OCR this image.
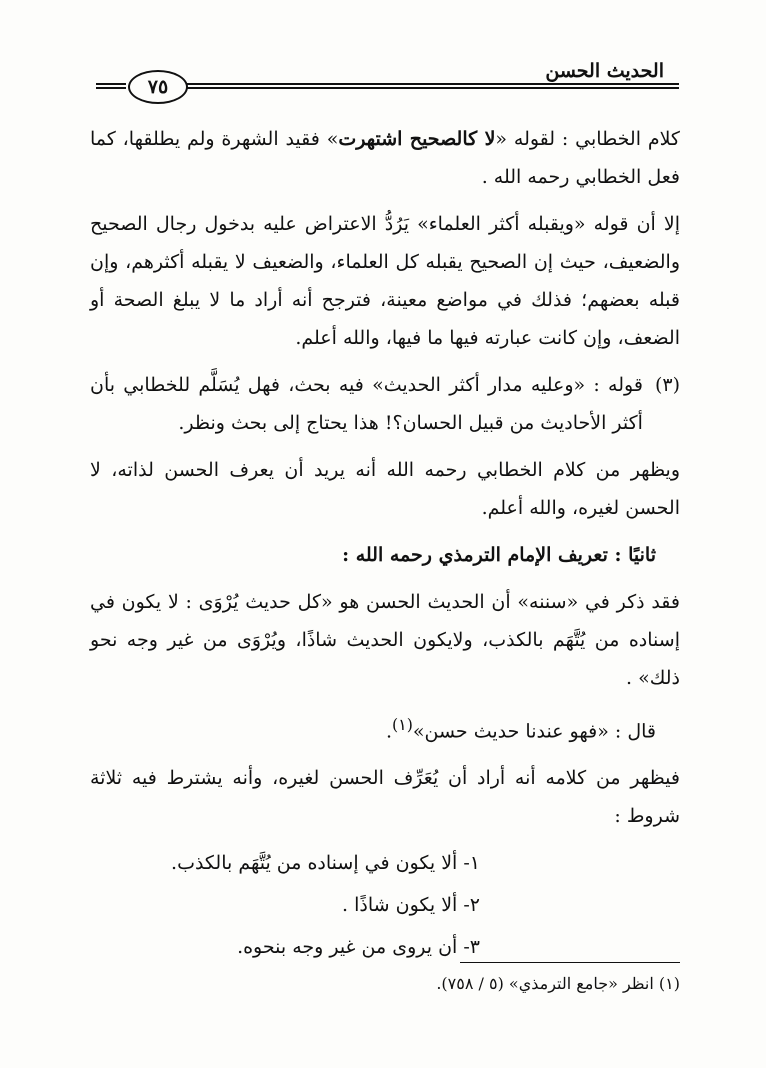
الحديث الحسن
٧٥

كلام الخطابي : لقوله «لا كالصحيح اشتهرت» فقيد الشهرة ولم يطلقها، كما فعل الخطابي رحمه الله .

إلا أن قوله «ويقبله أكثر العلماء» يَرُدُّ الاعتراض عليه بدخول رجال الصحيح والضعيف، حيث إن الصحيح يقبله كل العلماء، والضعيف لا يقبله أكثرهم، وإن قبله بعضهم؛ فذلك في مواضع معينة، فترجح أنه أراد ما لا يبلغ الصحة أو الضعف، وإن كانت عبارته فيها ما فيها، والله أعلم.

(٣)
قوله : «وعليه مدار أكثر الحديث» فيه بحث، فهل يُسَلَّم للخطابي بأن أكثر الأحاديث من قبيل الحسان؟! هذا يحتاج إلى بحث ونظر.

ويظهر من كلام الخطابي رحمه الله أنه يريد أن يعرف الحسن لذاته، لا الحسن لغيره، والله أعلم.

ثانيًا : تعريف الإمام الترمذي رحمه الله :

فقد ذكر في «سننه» أن الحديث الحسن هو «كل حديث يُرْوَى : لا يكون في إسناده من يُتَّهَم بالكذب، ولايكون الحديث شاذًا، ويُرْوَى من غير وجه نحو ذلك» .

قال : «فهو عندنا حديث حسن»$^{(١)}$.

فيظهر من كلامه أنه أراد أن يُعَرِّف الحسن لغيره، وأنه يشترط فيه ثلاثة شروط :

١- ألا يكون في إسناده من يُتَّهَم بالكذب.

٢- ألا يكون شاذًا .

٣- أن يروى من غير وجه بنحوه.

(١) انظر «جامع الترمذي» (٥ / ٧٥٨).
